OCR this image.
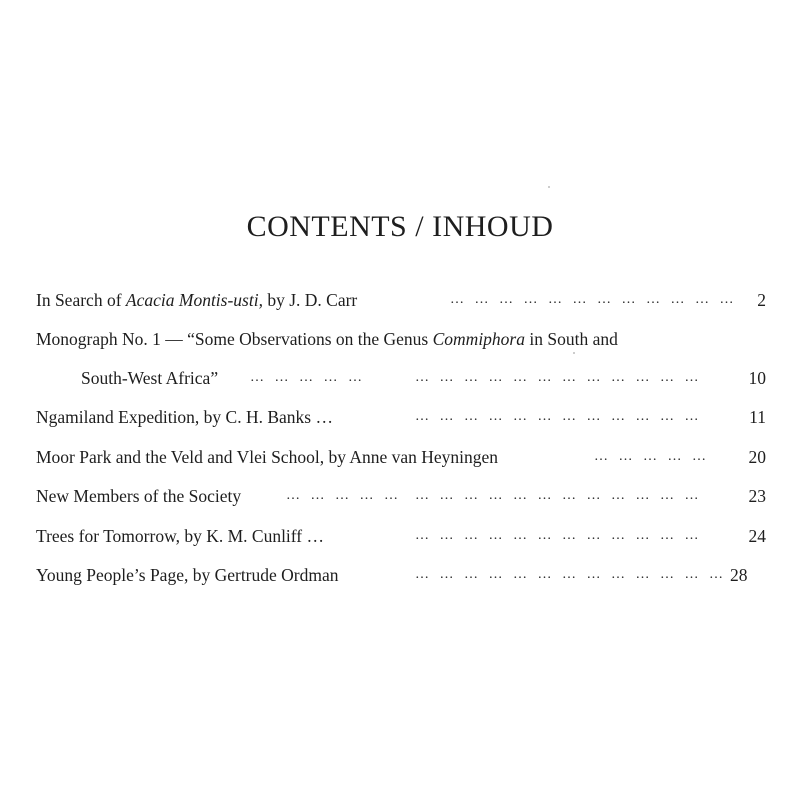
CONTENTS / INHOUD
In Search of Acacia Montis-usti, by J. D. Carr	… … … … … … … … … … … …	2
Monograph No. 1 — “Some Observations on the Genus Commiphora in South and
South-West Africa” … … … … …	… … … … … … … … … … … …	10
Ngamiland Expedition, by C. H. Banks …	… … … … … … … … … … … …	11
Moor Park and the Veld and Vlei School, by Anne van Heyningen	… … … … …	20
New Members of the Society	… … … … … … … … … … … … … … … … …	23
Trees for Tomorrow, by K. M. Cunliff …	… … … … … … … … … … … …	24
Young People’s Page, by Gertrude Ordman	… … … … … … … … … … … … … 28
